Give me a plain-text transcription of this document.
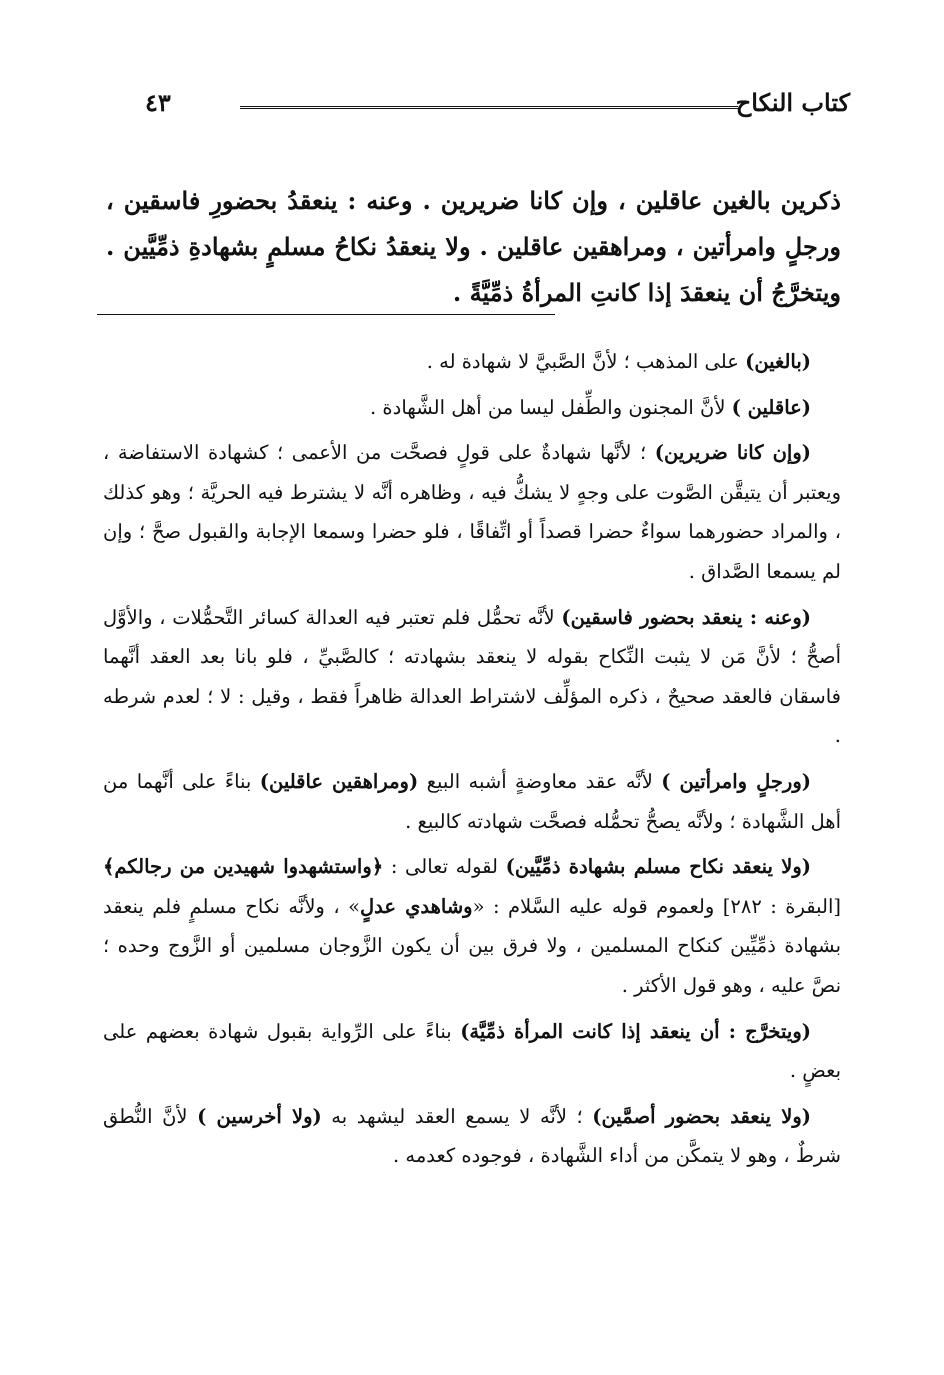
كتاب النكاح
٤٣
ذكرين بالغين عاقلين ، وإن كانا ضريرين . وعنه : ينعقدُ بحضورِ فاسقين ، ورجلٍ وامرأتين ، ومراهقين عاقلين . ولا ينعقدُ نكاحُ مسلمٍ بشهادةِ ذمِّيَّين . ويتخرَّجُ أن ينعقدَ إذا كانتِ المرأةُ ذمِّيَّةً .

(بالغين) على المذهب ؛ لأنَّ الصَّبيَّ لا شهادة له .

(عاقلين ) لأنَّ المجنون والطِّفل ليسا من أهل الشَّهادة .

(وإن كانا ضريرين) ؛ لأنَّها شهادةٌ على قولٍ فصحَّت من الأعمى ؛ كشهادة الاستفاضة ، ويعتبر أن يتيقَّن الصَّوت على وجهٍ لا يشكُّ فيه ، وظاهره أنَّه لا يشترط فيه الحريَّة ؛ وهو كذلك ، والمراد حضورهما سواءٌ حضرا قصداً أو اتِّفاقًا ، فلو حضرا وسمعا الإجابة والقبول صحَّ ؛ وإن لم يسمعا الصَّداق .

(وعنه : ينعقد بحضور فاسقين) لأنَّه تحمُّل فلم تعتبر فيه العدالة كسائر التَّحمُّلات ، والأوَّل أصحُّ ؛ لأنَّ مَن لا يثبت النِّكاح بقوله لا ينعقد بشهادته ؛ كالصَّبيِّ ، فلو بانا بعد العقد أنَّهما فاسقان فالعقد صحيحٌ ، ذكره المؤلِّف لاشتراط العدالة ظاهراً فقط ، وقيل : لا ؛ لعدم شرطه .

(ورجلٍ وامرأتين ) لأنَّه عقد معاوضةٍ أشبه البيع (ومراهقين عاقلين) بناءً على أنَّهما من أهل الشَّهادة ؛ ولأنَّه يصحُّ تحمُّله فصحَّت شهادته كالبيع .

(ولا ينعقد نكاح مسلم بشهادة ذمِّيَّين) لقوله تعالى : ﴿واستشهدوا شهيدين من رجالكم﴾ [البقرة : ٢٨٢] ولعموم قوله عليه السَّلام : «وشاهدي عدلٍ» ، ولأنَّه نكاح مسلمٍ فلم ينعقد بشهادة ذمِّيِّين كنكاح المسلمين ، ولا فرق بين أن يكون الزَّوجان مسلمين أو الزَّوج وحده ؛ نصَّ عليه ، وهو قول الأكثر .

(ويتخرَّج : أن ينعقد إذا كانت المرأة ذمِّيَّة) بناءً على الرِّواية بقبول شهادة بعضهم على بعضٍ .

(ولا ينعقد بحضور أصمَّين) ؛ لأنَّه لا يسمع العقد ليشهد به (ولا أخرسين ) لأنَّ النُّطق شرطٌ ، وهو لا يتمكَّن من أداء الشَّهادة ، فوجوده كعدمه .
